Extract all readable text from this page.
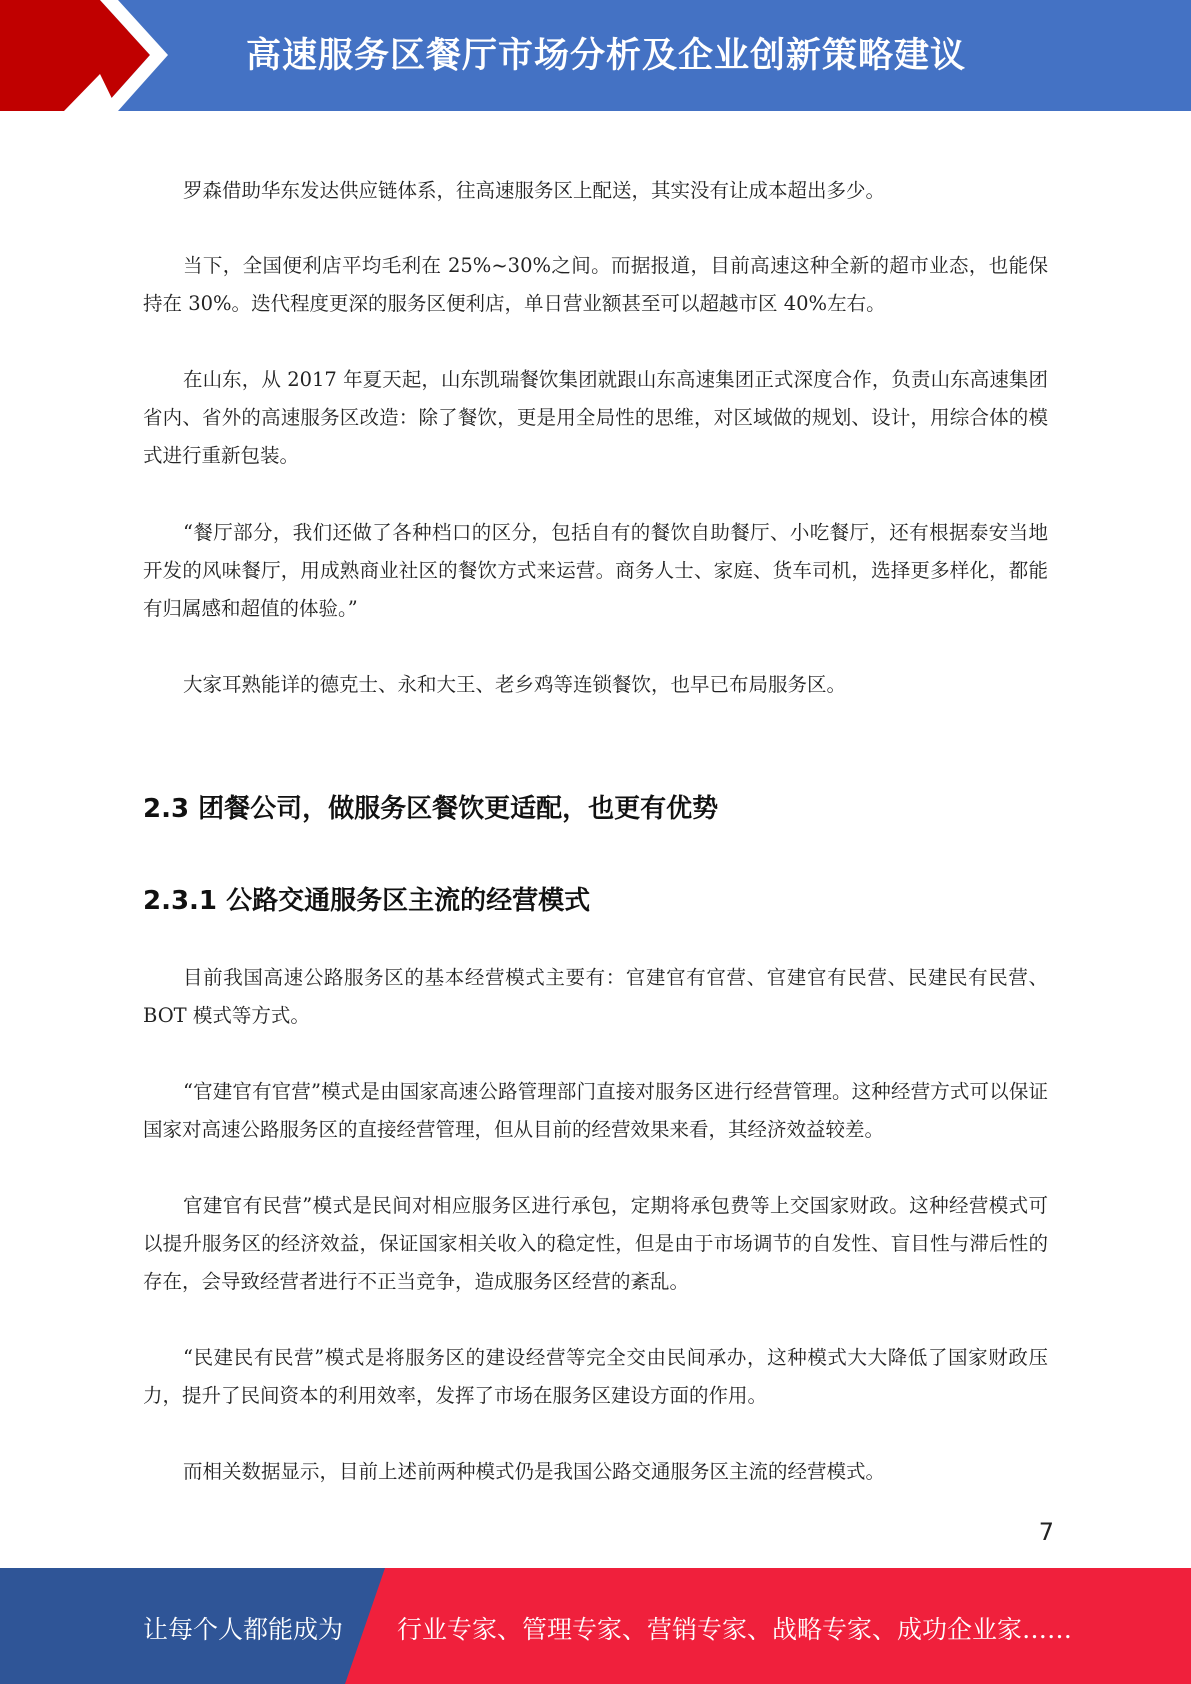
高速服务区餐厅市场分析及企业创新策略建议

罗森借助华东发达供应链体系，往高速服务区上配送，其实没有让成本超出多少。

当下，全国便利店平均毛利在 25%~30%之间。而据报道，目前高速这种全新的超市业态，也能保持在 30%。迭代程度更深的服务区便利店，单日营业额甚至可以超越市区 40%左右。

在山东，从 2017 年夏天起，山东凯瑞餐饮集团就跟山东高速集团正式深度合作，负责山东高速集团省内、省外的高速服务区改造：除了餐饮，更是用全局性的思维，对区域做的规划、设计，用综合体的模式进行重新包装。

“餐厅部分，我们还做了各种档口的区分，包括自有的餐饮自助餐厅、小吃餐厅，还有根据泰安当地开发的风味餐厅，用成熟商业社区的餐饮方式来运营。商务人士、家庭、货车司机，选择更多样化，都能有归属感和超值的体验。”

大家耳熟能详的德克士、永和大王、老乡鸡等连锁餐饮，也早已布局服务区。

2.3 团餐公司，做服务区餐饮更适配，也更有优势
2.3.1 公路交通服务区主流的经营模式

目前我国高速公路服务区的基本经营模式主要有：官建官有官营、官建官有民营、民建民有民营、BOT 模式等方式。

“官建官有官营”模式是由国家高速公路管理部门直接对服务区进行经营管理。这种经营方式可以保证国家对高速公路服务区的直接经营管理，但从目前的经营效果来看，其经济效益较差。

官建官有民营”模式是民间对相应服务区进行承包，定期将承包费等上交国家财政。这种经营模式可以提升服务区的经济效益，保证国家相关收入的稳定性，但是由于市场调节的自发性、盲目性与滞后性的存在，会导致经营者进行不正当竞争，造成服务区经营的紊乱。

“民建民有民营”模式是将服务区的建设经营等完全交由民间承办，这种模式大大降低了国家财政压力，提升了民间资本的利用效率，发挥了市场在服务区建设方面的作用。

而相关数据显示，目前上述前两种模式仍是我国公路交通服务区主流的经营模式。

7
让每个人都能成为 行业专家、管理专家、营销专家、战略专家、成功企业家……
